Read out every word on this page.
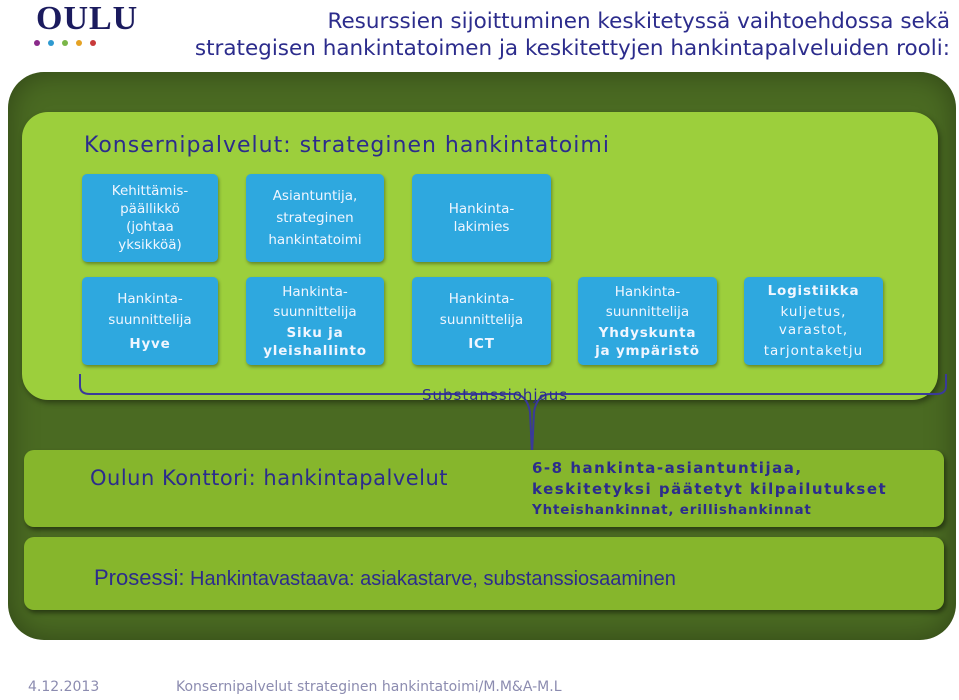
OULU	Resurssien sijoittuminen keskitetyssä vaihtoehdossa sekä
strategisen hankintatoimen ja keskitettyjen hankintapalveluiden rooli:
Konsernipalvelut: strateginen hankintatoimi
Kehittämis-
päällikkö
(johtaa
yksikköä)
Asiantuntija,
strateginen
hankintatoimi
Hankinta-
lakimies
Hankinta-
suunnittelija
Hyve
Hankinta-
suunnittelija
Siku ja
yleishallinto
Hankinta-
suunnittelija
ICT
Hankinta-
suunnittelija
Yhdyskunta
ja ympäristö
Logistiikka
kuljetus,
varastot,
tarjontaketju
Substanssiohjaus
Oulun Konttori: hankintapalvelut	6-8 hankinta-asiantuntijaa,
keskitetyksi päätetyt kilpailutukset
Yhteishankinnat, erillishankinnat
Prosessi: Hankintavastaava: asiakastarve, substanssiosaaminen
4.12.2013	Konsernipalvelut strateginen hankintatoimi/M.M&A-M.L
